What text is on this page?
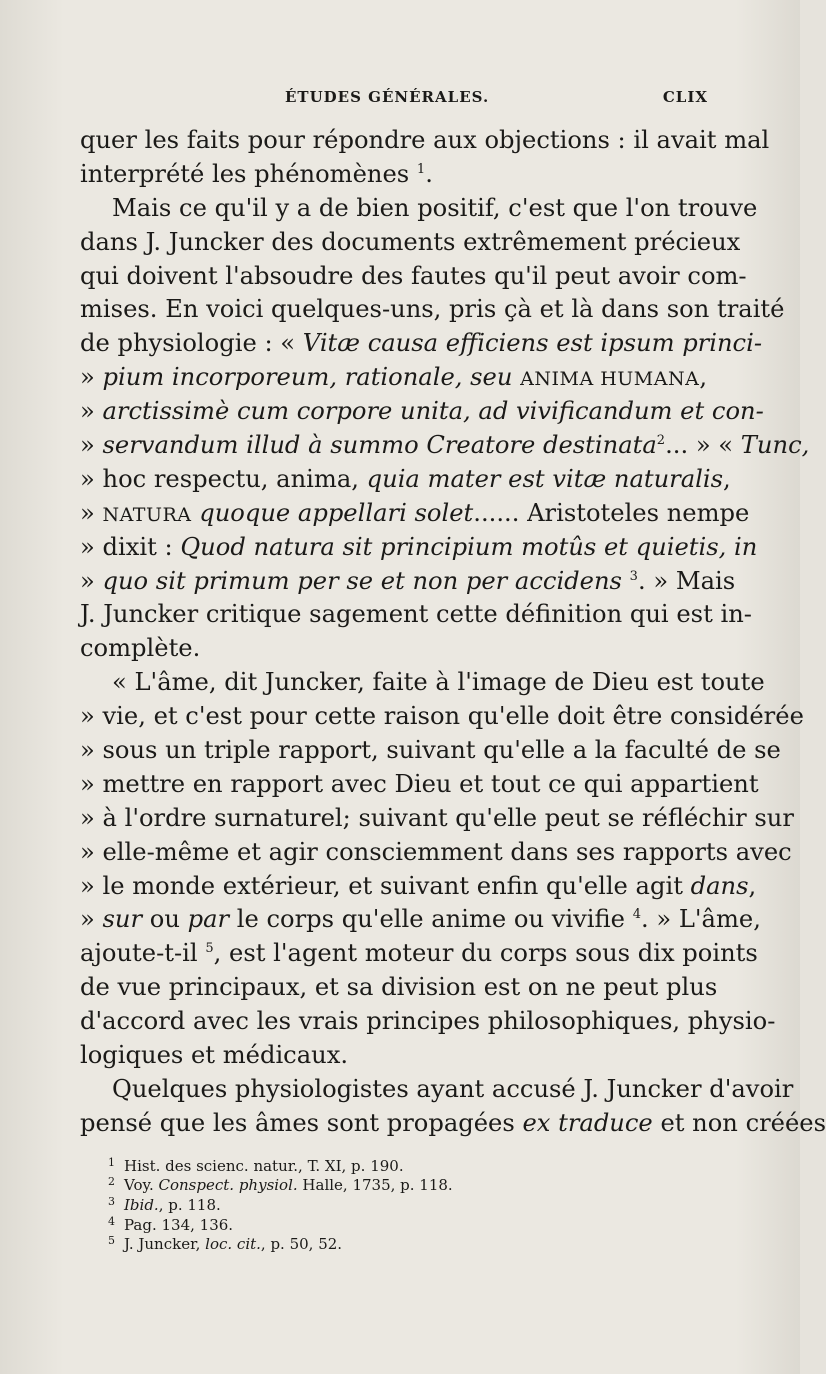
ÉTUDES GÉNÉRALES.	CLIX
quer les faits pour répondre aux objections : il avait mal
interprété les phénomènes $^1$.
Mais ce qu'il y a de bien positif, c'est que l'on trouve
dans J. Juncker des documents extrêmement précieux
qui doivent l'absoudre des fautes qu'il peut avoir com-
mises. En voici quelques-uns, pris çà et là dans son traité
de physiologie : « Vitæ causa efficiens est ipsum princi-
» pium incorporeum, rationale, seu ANIMA HUMANA,
» arctissimè cum corpore unita, ad vivificandum et con-
» servandum illud à summo Creatore destinata$^2$... » « Tunc,
» hoc respectu, anima, quia mater est vitæ naturalis,
» NATURA quoque appellari solet...... Aristoteles nempe
» dixit : Quod natura sit principium motûs et quietis, in
» quo sit primum per se et non per accidens $^3$. » Mais
J. Juncker critique sagement cette définition qui est in-
complète.
« L'âme, dit Juncker, faite à l'image de Dieu est toute
» vie, et c'est pour cette raison qu'elle doit être considérée
» sous un triple rapport, suivant qu'elle a la faculté de se
» mettre en rapport avec Dieu et tout ce qui appartient
» à l'ordre surnaturel; suivant qu'elle peut se réfléchir sur
» elle-même et agir consciemment dans ses rapports avec
» le monde extérieur, et suivant enfin qu'elle agit dans,
» sur ou par le corps qu'elle anime ou vivifie $^4$. » L'âme,
ajoute-t-il $^5$, est l'agent moteur du corps sous dix points
de vue principaux, et sa division est on ne peut plus
d'accord avec les vrais principes philosophiques, physio-
logiques et médicaux.
Quelques physiologistes ayant accusé J. Juncker d'avoir
pensé que les âmes sont propagées ex traduce et non créées
1 Hist. des scienc. natur., T. XI, p. 190.
2 Voy. Conspect. physiol. Halle, 1735, p. 118.
3 Ibid., p. 118.
4 Pag. 134, 136.
5 J. Juncker, loc. cit., p. 50, 52.
